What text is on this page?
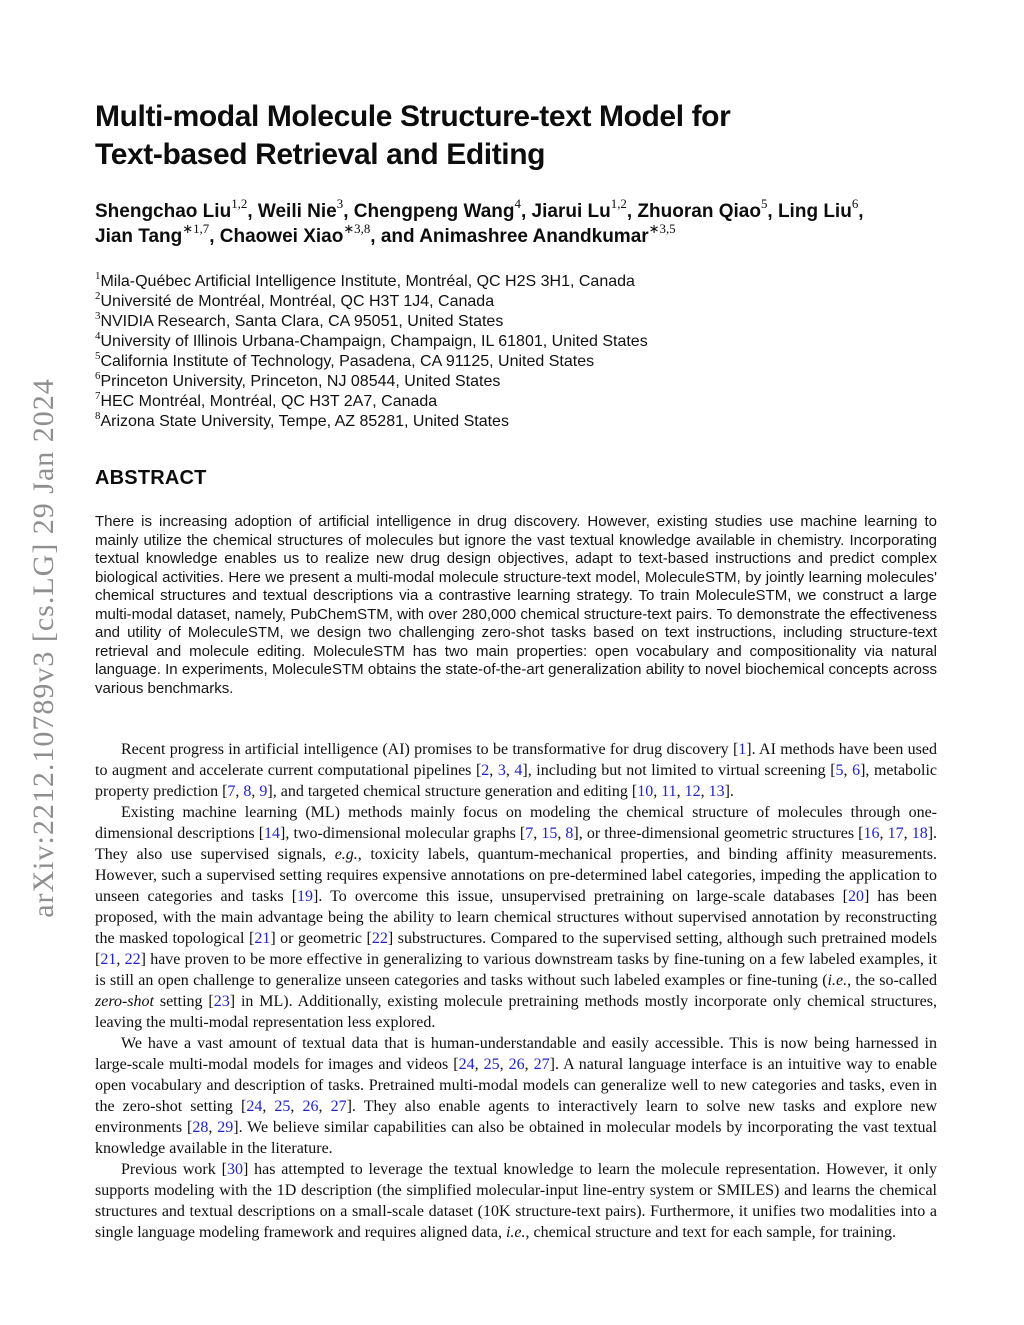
arXiv:2212.10789v3 [cs.LG] 29 Jan 2024
Multi-modal Molecule Structure-text Model for
Text-based Retrieval and Editing
Shengchao Liu$^{1,2}$, Weili Nie$^3$, Chengpeng Wang$^4$, Jiarui Lu$^{1,2}$, Zhuoran Qiao$^5$, Ling Liu$^6$,
Jian Tang$^{∗1,7}$, Chaowei Xiao$^{∗3,8}$, and Animashree Anandkumar$^{∗3,5}$
$^1$Mila-Québec Artificial Intelligence Institute, Montréal, QC H2S 3H1, Canada
$^2$Université de Montréal, Montréal, QC H3T 1J4, Canada
$^3$NVIDIA Research, Santa Clara, CA 95051, United States
$^4$University of Illinois Urbana-Champaign, Champaign, IL 61801, United States
$^5$California Institute of Technology, Pasadena, CA 91125, United States
$^6$Princeton University, Princeton, NJ 08544, United States
$^7$HEC Montréal, Montréal, QC H3T 2A7, Canada
$^8$Arizona State University, Tempe, AZ 85281, United States
ABSTRACT
There is increasing adoption of artificial intelligence in drug discovery. However, existing studies use machine learning to mainly utilize the chemical structures of molecules but ignore the vast textual knowledge available in chemistry. Incorporating textual knowledge enables us to realize new drug design objectives, adapt to text-based instructions and predict complex biological activities. Here we present a multi-modal molecule structure-text model, MoleculeSTM, by jointly learning molecules' chemical structures and textual descriptions via a contrastive learning strategy. To train MoleculeSTM, we construct a large multi-modal dataset, namely, PubChemSTM, with over 280,000 chemical structure-text pairs. To demonstrate the effectiveness and utility of MoleculeSTM, we design two challenging zero-shot tasks based on text instructions, including structure-text retrieval and molecule editing. MoleculeSTM has two main properties: open vocabulary and compositionality via natural language. In experiments, MoleculeSTM obtains the state-of-the-art generalization ability to novel biochemical concepts across various benchmarks.

Recent progress in artificial intelligence (AI) promises to be transformative for drug discovery [1]. AI methods have been used to augment and accelerate current computational pipelines [2, 3, 4], including but not limited to virtual screening [5, 6], metabolic property prediction [7, 8, 9], and targeted chemical structure generation and editing [10, 11, 12, 13].

Existing machine learning (ML) methods mainly focus on modeling the chemical structure of molecules through one-dimensional descriptions [14], two-dimensional molecular graphs [7, 15, 8], or three-dimensional geometric structures [16, 17, 18]. They also use supervised signals, e.g., toxicity labels, quantum-mechanical properties, and binding affinity measurements. However, such a supervised setting requires expensive annotations on pre-determined label categories, impeding the application to unseen categories and tasks [19]. To overcome this issue, unsupervised pretraining on large-scale databases [20] has been proposed, with the main advantage being the ability to learn chemical structures without supervised annotation by reconstructing the masked topological [21] or geometric [22] substructures. Compared to the supervised setting, although such pretrained models [21, 22] have proven to be more effective in generalizing to various downstream tasks by fine-tuning on a few labeled examples, it is still an open challenge to generalize unseen categories and tasks without such labeled examples or fine-tuning (i.e., the so-called zero-shot setting [23] in ML). Additionally, existing molecule pretraining methods mostly incorporate only chemical structures, leaving the multi-modal representation less explored.

We have a vast amount of textual data that is human-understandable and easily accessible. This is now being harnessed in large-scale multi-modal models for images and videos [24, 25, 26, 27]. A natural language interface is an intuitive way to enable open vocabulary and description of tasks. Pretrained multi-modal models can generalize well to new categories and tasks, even in the zero-shot setting [24, 25, 26, 27]. They also enable agents to interactively learn to solve new tasks and explore new environments [28, 29]. We believe similar capabilities can also be obtained in molecular models by incorporating the vast textual knowledge available in the literature.

Previous work [30] has attempted to leverage the textual knowledge to learn the molecule representation. However, it only supports modeling with the 1D description (the simplified molecular-input line-entry system or SMILES) and learns the chemical structures and textual descriptions on a small-scale dataset (10K structure-text pairs). Furthermore, it unifies two modalities into a single language modeling framework and requires aligned data, i.e., chemical structure and text for each sample, for training.
